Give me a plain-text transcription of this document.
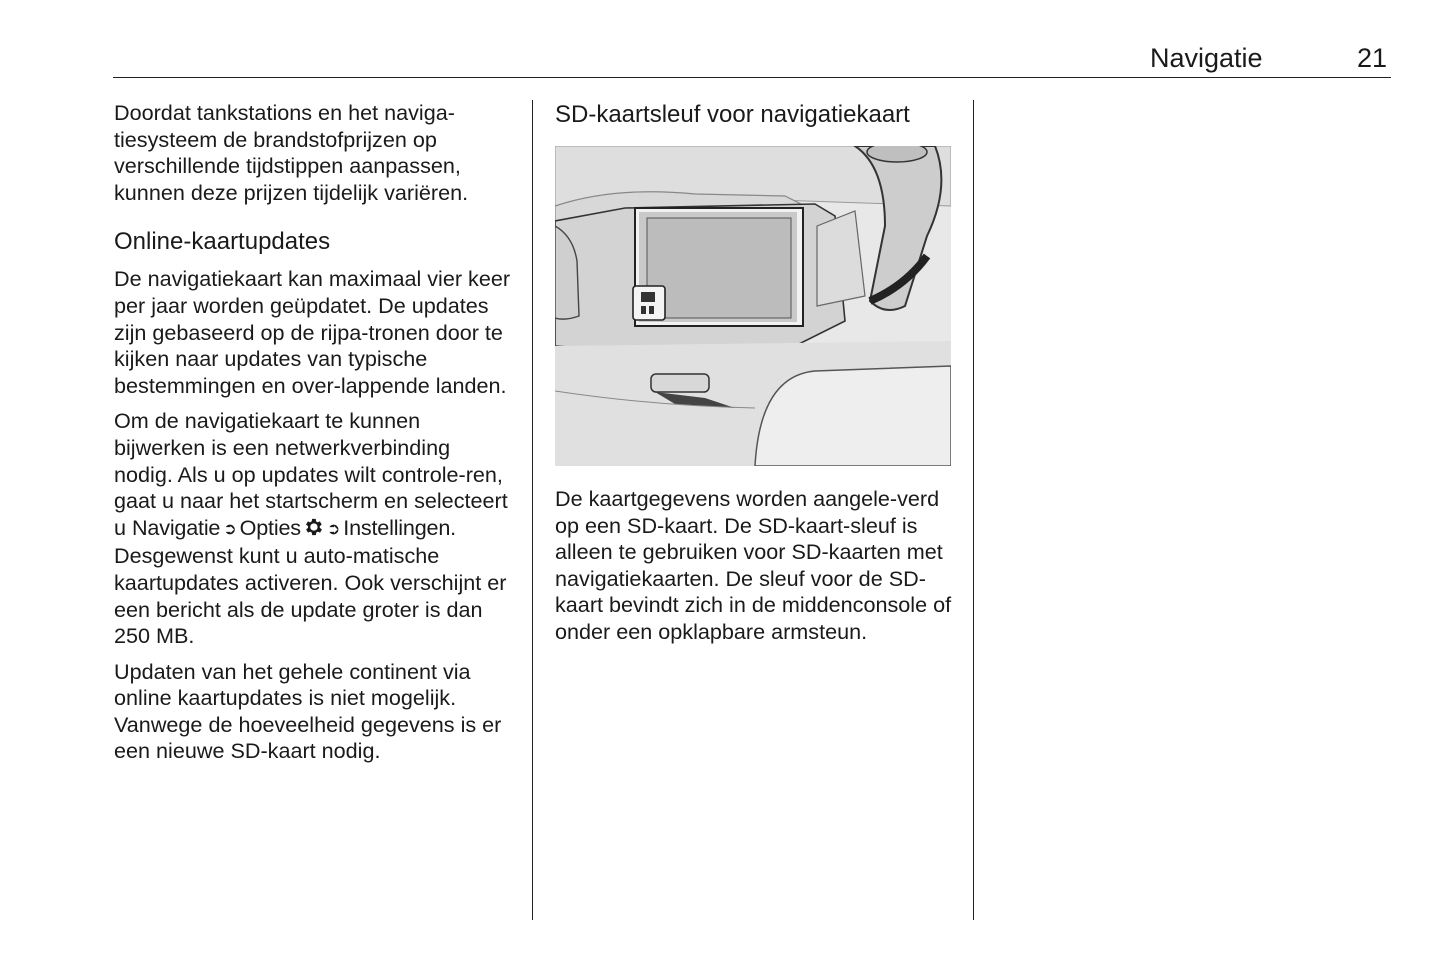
Navigatie	21

Doordat tankstations en het naviga-tiesysteem de brandstofprijzen op verschillende tijdstippen aanpassen, kunnen deze prijzen tijdelijk variëren.

Online-kaartupdates

De navigatiekaart kan maximaal vier keer per jaar worden geüpdatet. De updates zijn gebaseerd op de rijpa-tronen door te kijken naar updates van typische bestemmingen en over-lappende landen.

Om de navigatiekaart te kunnen bijwerken is een netwerkverbinding nodig. Als u op updates wilt controle-ren, gaat u naar het startscherm en selecteert u Navigatie ➲ Opties ➲ Instellingen. Desgewenst kunt u auto-matische kaartupdates activeren. Ook verschijnt er een bericht als de update groter is dan 250 MB.

Updaten van het gehele continent via online kaartupdates is niet mogelijk. Vanwege de hoeveelheid gegevens is er een nieuwe SD-kaart nodig.

SD-kaartsleuf voor navigatiekaart

De kaartgegevens worden aangele-verd op een SD-kaart. De SD-kaart-sleuf is alleen te gebruiken voor SD-kaarten met navigatiekaarten. De sleuf voor de SD-kaart bevindt zich in de middenconsole of onder een opklapbare armsteun.
